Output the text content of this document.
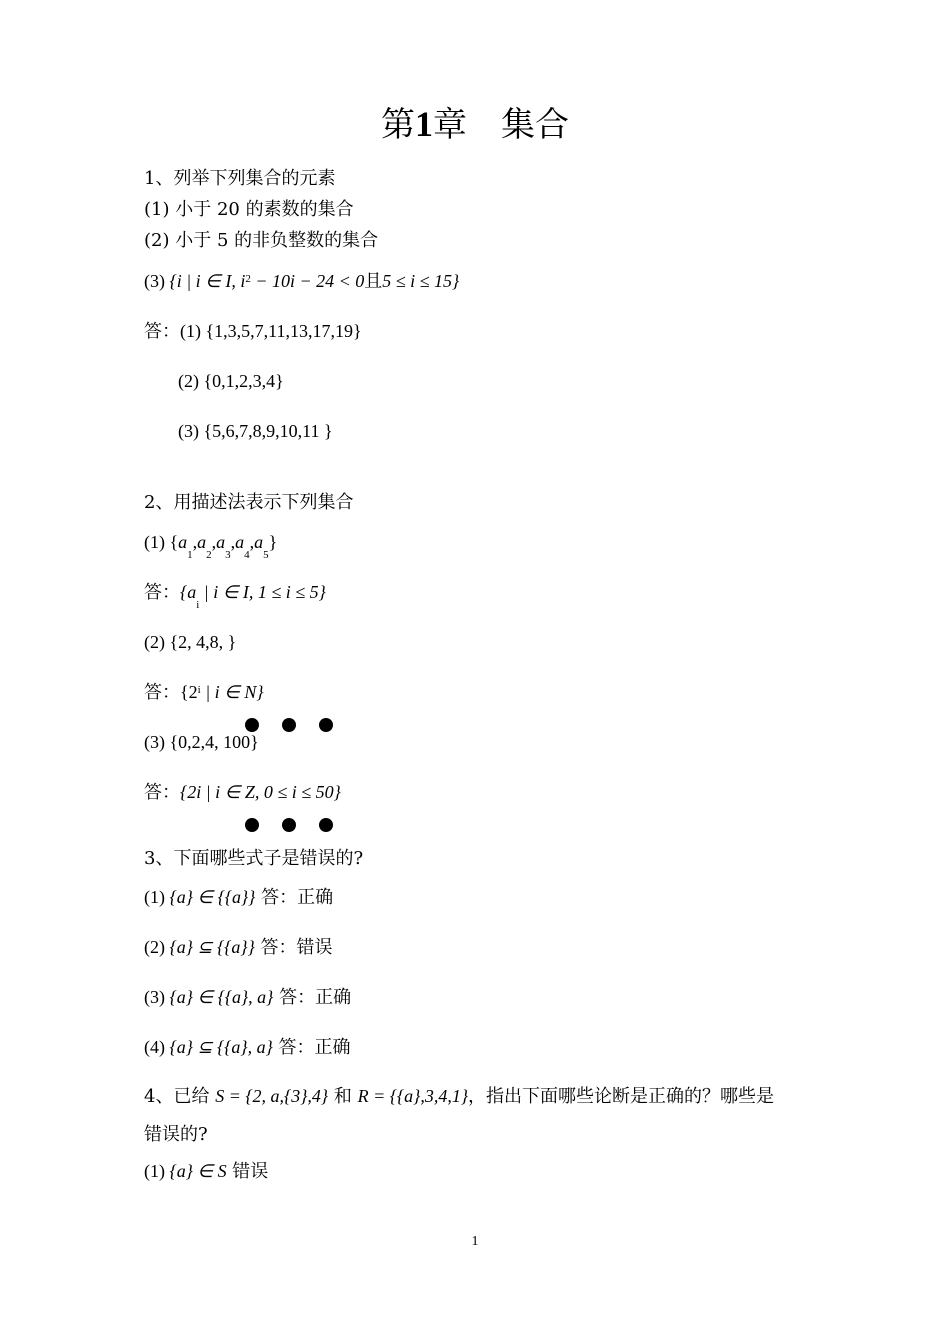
第1章 集合
1、列举下列集合的元素
(1) 小于 20 的素数的集合
(2) 小于 5 的非负整数的集合
(3) {i | i ∈ I, $i^2 - 10i - 24 < 0$且5 ≤ i ≤ 15}
答：(1) {1,3,5,7,11,13,17,19}
(2) {0,1,2,3,4}
(3) {5,6,7,8,9,10,11 }
2、用描述法表示下列集合
(1) $\{a_1,a_2,a_3,a_4,a_5\}$
答：{$a_i$ | i ∈ I, 1 ≤ i ≤ 5}
(2) {2, 4,8, }
答：{2$^i$ | i ∈ N}
(3) {0,2,4, 100}
答：{2i | i ∈ Z, 0 ≤ i ≤ 50}
3、下面哪些式子是错误的?
(1) {a} ∈ {{a}} 答：正确
(2) {a} ⊆ {{a}} 答：错误
(3) {a} ∈ {{a}, a} 答：正确
(4) {a} ⊆ {{a}, a} 答：正确
4、已给 S = {2, a,{3},4} 和 R = {{a},3,4,1}，指出下面哪些论断是正确的？哪些是
错误的?
(1) {a} ∈ S 错误
1
